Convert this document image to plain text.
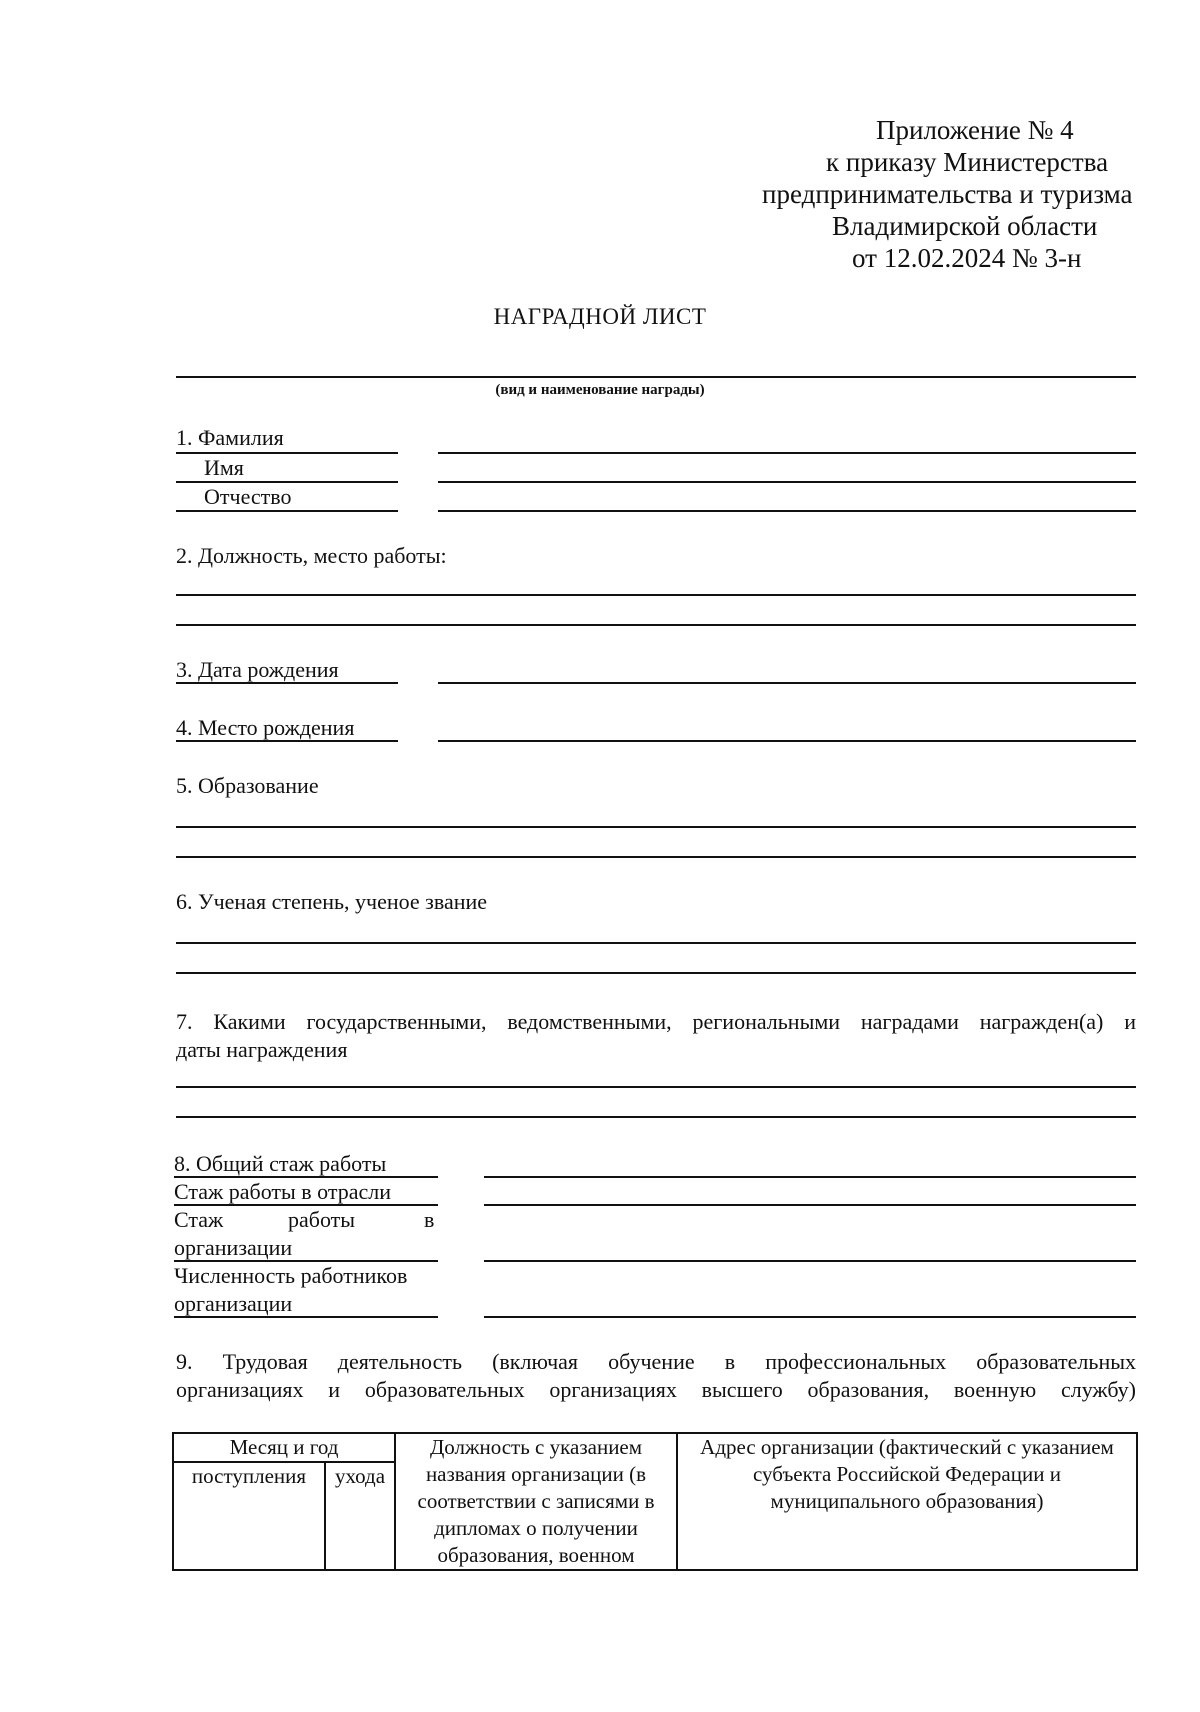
Приложение № 4
к приказу Министерства
предпринимательства и туризма
Владимирской области
от 12.02.2024 № 3-н
НАГРАДНОЙ ЛИСТ
(вид и наименование награды)
1. Фамилия
Имя
Отчество
2. Должность, место работы:
3. Дата рождения
4. Место рождения
5. Образование
6. Ученая степень, ученое звание
7. Какими государственными, ведомственными, региональными наградами награжден(а) и
даты награждения
8. Общий стаж работы
Стаж работы в отрасли
Стаж	работы	в
организации
Численность работников
организации
9. Трудовая деятельность (включая обучение в профессиональных образовательных
организациях и образовательных организациях высшего образования, военную службу)
Месяц и год		Должность с указанием названия организации (в соответствии с записями в дипломах о получении образования, военном	Адрес организации (фактический с указанием субъекта Российской Федерации и муниципального образования)
поступления	ухода		
